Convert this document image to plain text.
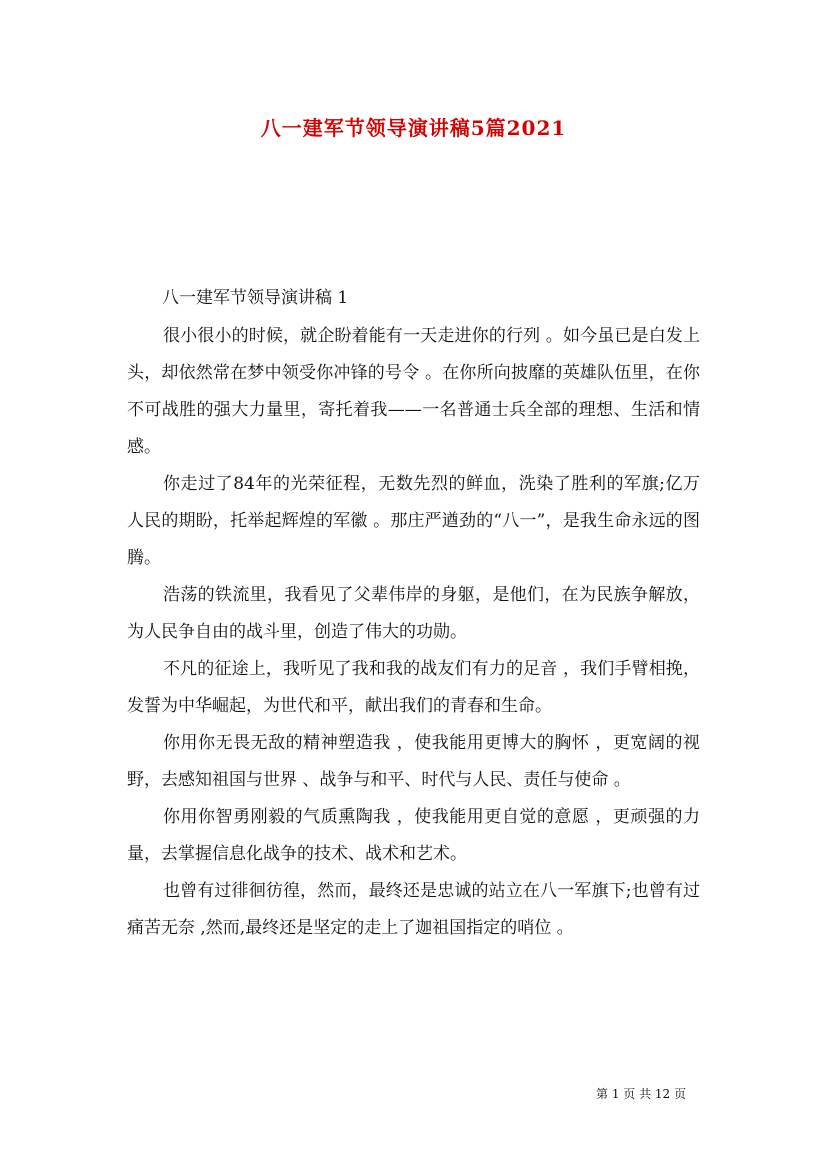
八一建军节领导演讲稿5篇2021
八一建军节领导演讲稿 1

很小很小的时候，就企盼着能有一天走进你的行列 。如今虽已是白发上头，却依然常在梦中领受你冲锋的号令 。在你所向披靡的英雄队伍里，在你不可战胜的强大力量里，寄托着我——一名普通士兵全部的理想、生活和情感。

你走过了84年的光荣征程，无数先烈的鲜血，洗染了胜利的军旗;亿万人民的期盼，托举起辉煌的军徽 。那庄严遒劲的“八一”，是我生命永远的图腾。

浩荡的铁流里，我看见了父辈伟岸的身躯，是他们，在为民族争解放，为人民争自由的战斗里，创造了伟大的功勋。

不凡的征途上，我听见了我和我的战友们有力的足音 ，我们手臂相挽，发誓为中华崛起，为世代和平，献出我们的青春和生命。

你用你无畏无敌的精神塑造我 ，使我能用更博大的胸怀 ，更宽阔的视野，去感知祖国与世界 、战争与和平、时代与人民、责任与使命 。

你用你智勇刚毅的气质熏陶我 ，使我能用更自觉的意愿 ，更顽强的力量，去掌握信息化战争的技术、战术和艺术。

也曾有过徘徊彷徨，然而，最终还是忠诚的站立在八一军旗下;也曾有过痛苦无奈 ,然而,最终还是坚定的走上了迦祖国指定的哨位 。

第 1 页 共 12 页
